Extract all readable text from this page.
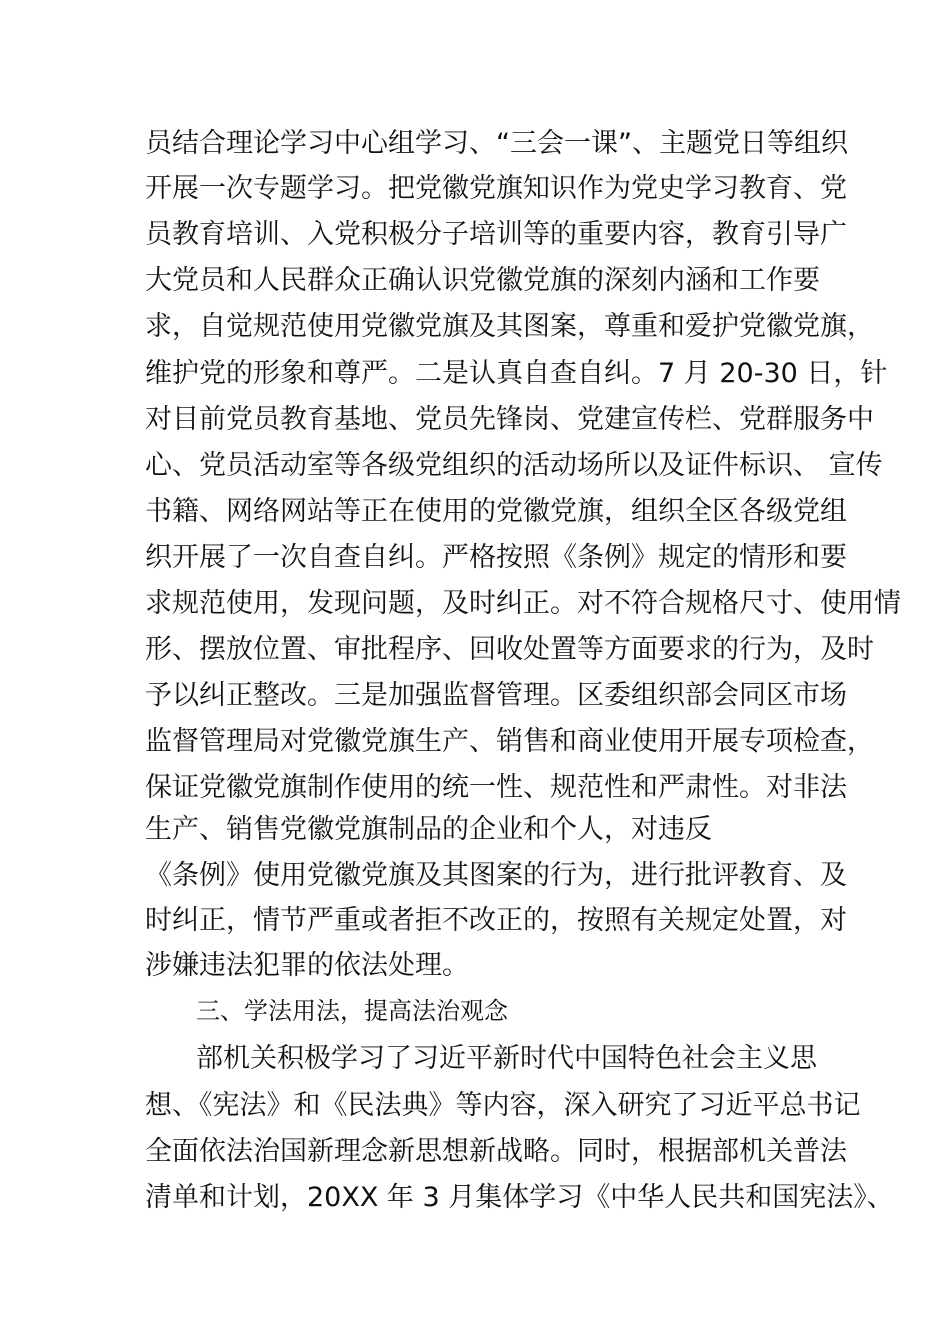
员结合理论学习中心组学习、“三会一课”、主题党日等组织
开展一次专题学习。把党徽党旗知识作为党史学习教育、党
员教育培训、入党积极分子培训等的重要内容，教育引导广
大党员和人民群众正确认识党徽党旗的深刻内涵和工作要
求，自觉规范使用党徽党旗及其图案，尊重和爱护党徽党旗，
维护党的形象和尊严。二是认真自查自纠。7 月 20-30 日，针
对目前党员教育基地、党员先锋岗、党建宣传栏、党群服务中
心、党员活动室等各级党组织的活动场所以及证件标识、 宣传
书籍、网络网站等正在使用的党徽党旗，组织全区各级党组
织开展了一次自查自纠。严格按照《条例》规定的情形和要
求规范使用，发现问题，及时纠正。对不符合规格尺寸、使用情
形、摆放位置、审批程序、回收处置等方面要求的行为，及时
予以纠正整改。三是加强监督管理。区委组织部会同区市场
监督管理局对党徽党旗生产、销售和商业使用开展专项检查，
保证党徽党旗制作使用的统一性、规范性和严肃性。对非法
生产、销售党徽党旗制品的企业和个人，对违反
《条例》使用党徽党旗及其图案的行为，进行批评教育、及
时纠正，情节严重或者拒不改正的，按照有关规定处置，对
涉嫌违法犯罪的依法处理。
三、学法用法，提高法治观念
部机关积极学习了习近平新时代中国特色社会主义思
想、《宪法》和《民法典》等内容，深入研究了习近平总书记
全面依法治国新理念新思想新战略。同时，根据部机关普法
清单和计划，20XX 年 3 月集体学习《中华人民共和国宪法》、
